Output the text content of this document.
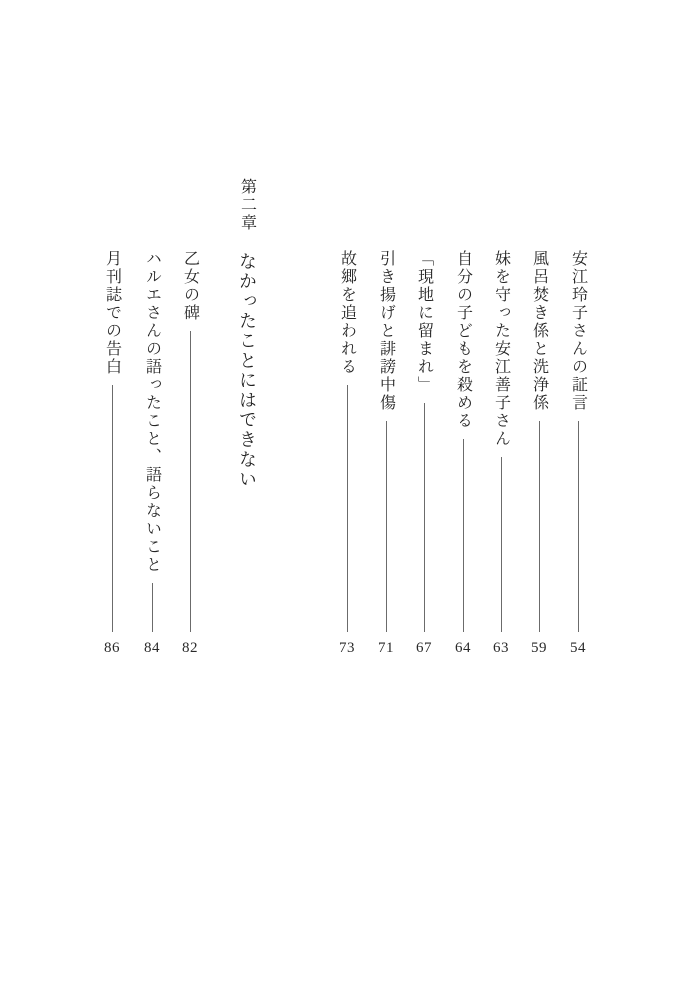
第二章
なかったことにはできない	安江玲子さんの証言
54
風呂焚き係と洗浄係
59
妹を守った安江善子さん
63
自分の子どもを殺める
64
「現地に留まれ」
67
引き揚げと誹謗中傷
71
故郷を追われる
73
乙女の碑
82
ハルエさんの語ったこと、語らないこと
84
月刊誌での告白
86
